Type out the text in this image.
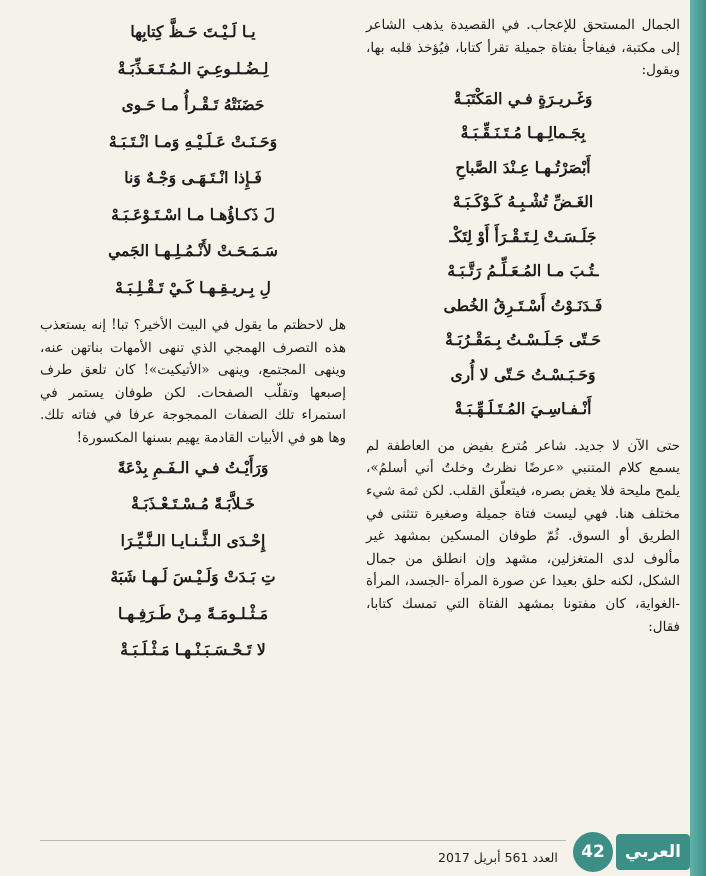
الجمال المستحق للإعجاب. في القصيدة يذهب الشاعر إلى مكتبة، فيفاجأ بفتاة جميلة تقرأ كتابا، فيُؤخذ قلبه بها، ويقول:

وَغَـريـرَةٍ فـي المَكْتَبَـةْ
بِجَـمالِـهـا مُـتَـنَـقِّـبَـةْ
أَبْصَرْتُـهـا عِـنْدَ الصَّباحِ
الغَـضِّ تُشْـبِـهُ كَـوْكَـبَـهْ
جَلَـسَـتْ لِـتَـقْـرَأَ أَوْ لِتَكْـ
ـتُـبَ مـا المُـعَـلِّـمُ رَتَّـبَـهْ
فَـدَنَـوْتُ أَسْـتَـرِقُ الخُطى
حَـتّى جَـلَـسْـتُ بِـمَقْـرُبَـةْ
وَحَـبَـسْـتُ حَـتّى لا أُرى
أَنْـفـاسِـيَ المُـتَـلَـهِّـبَـةْ

حتى الآن لا جديد. شاعر مُترع بفيض من العاطفة لم يسمع كلام المتنبي «عرضًا نظرتُ وخلتُ أني أسلمُ»، يلمح مليحة فلا يغض بصره، فيتعلّق القلب. لكن ثمة شيء مختلف هنا. فهي ليست فتاة جميلة وصغيرة تتثنى في الطريق أو السوق. ثُمّ طوفان المسكين بمشهد غير مألوف لدى المتغزلين، مشهد وإن انطلق من جمال الشكل، لكنه حلق بعيدا عن صورة المرأة -الجسد، المرأة -الغواية، كان مفتونا بمشهد الفتاة التي تمسك كتابا، فقال:

يـا لَـيْـتَ حَـظَّ كِتابِها
لِـضُـلـوعِـيَ الـمُـتَـعَـذِّبَـةْ
حَضَنَتْهُ تَـقْـرأُ مـا حَـوى
وَحَـنَـتْ عَـلَـيْـهِ وَمـا انْـتَـبَـهْ
فَـإِذا انْـتَـهَـى وَجْـهٌ وَنا
لَ ذَكـاؤُهـا مـا اسْـتَـوْعَـبَـهْ
سَـمَـحَـتْ لأَنْـمُـلِـهـا الجَمي
لِ بِـريـقِـهـا كَـيْ تَـقْـلِـبَـهْ

هل لاحظتم ما يقول في البيت الأخير؟ تبا! إنه يستعذب هذه التصرف الهمجي الذي تنهى الأمهات بناتهن عنه، وينهى المجتمع، وينهى «الأتيكيت»! كان تلعق طرف إصبعها وتقلّب الصفحات. لكن طوفان يستمر في استمراء تلك الصفات الممجوجة عرفا في فتاته تلك. وها هو في الأبيات القادمة يهيم بسنها المكسورة!

وَرَأَيْـتُ فـي الـفَـمِ بِدْعَةً
خَـلاَّبَـةً مُـسْـتَـعْـذَبَـةْ
إِحْـدَى الـثَّـنـايـا الـنَّـيِّـرَا
تِ بَـدَتْ وَلَـيْـسَ لَـهـا شَبَهْ
مَـثْـلـومَـةً مِـنْ طَـرَفِـهـا
لا تَـحْـسَـبَـنْـهـا مَـثْـلَـبَـةْ
العدد 561 أبريل 2017	42	العربي
